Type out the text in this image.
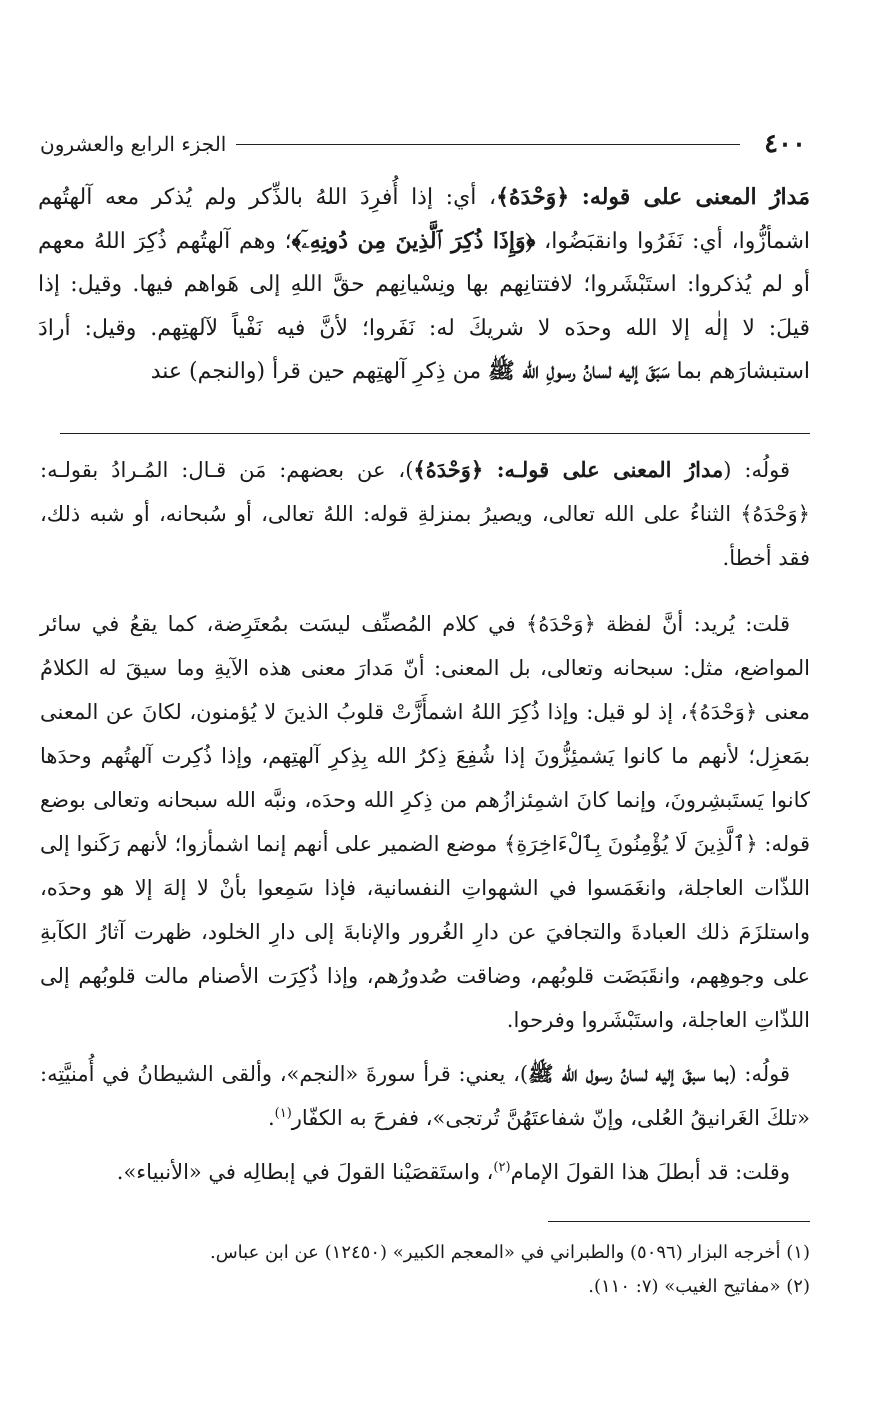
٤٠٠
الجزء الرابع والعشرون

مَدارُ المعنى على قوله: ﴿وَحْدَهُ﴾، أي: إذا أُفرِدَ اللهُ بالذِّكر ولم يُذكر معه آلهتُهم اشمأزُّوا، أي: نَفَرُوا وانقبَضُوا، ﴿وَإِذَا ذُكِرَ ٱلَّذِينَ مِن دُونِهِۦٓ﴾؛ وهم آلهتُهم ذُكِرَ اللهُ معهم أو لم يُذكروا: استَبْشَروا؛ لافتتانِهم بها ونِسْيانِهم حقَّ اللهِ إلى هَواهم فيها. وقيل: إذا قيلَ: لا إلٰه إلا الله وحدَه لا شريكَ له: نَفَروا؛ لأنَّ فيه نَفْياً لآلهتِهم. وقيل: أرادَ استبشارَهم بما سَبَقَ إليه لسانُ رسولِ الله ﷺ من ذِكرِ آلهتِهم حين قرأ (والنجم) عند

قولُه: (مدارُ المعنى على قولـه: ﴿وَحْدَهُ﴾)، عن بعضهم: مَن قـال: المُـرادُ بقولـه: ﴿وَحْدَهُ﴾ الثناءُ على الله تعالى، ويصيرُ بمنزلةِ قوله: اللهُ تعالى، أو سُبحانه، أو شبه ذلك، فقد أخطأ.

قلت: يُريد: أنَّ لفظة ﴿وَحْدَهُ﴾ في كلام المُصنِّف ليسَت بمُعتَرِضة، كما يقعُ في سائر المواضع، مثل: سبحانه وتعالى، بل المعنى: أنّ مَدارَ معنى هذه الآيةِ وما سيقَ له الكلامُ معنى ﴿وَحْدَهُ﴾، إذ لو قيل: وإذا ذُكِرَ اللهُ اشمأَزَّتْ قلوبُ الذينَ لا يُؤمنون، لكانَ عن المعنى بمَعزِل؛ لأنهم ما كانوا يَشمئِزُّونَ إذا شُفِعَ ذِكرُ الله بِذِكرِ آلهتِهم، وإذا ذُكِرت آلهتُهم وحدَها كانوا يَستَبشِرونَ، وإنما كانَ اشمِئزازُهم من ذِكرِ الله وحدَه، ونبَّه الله سبحانه وتعالى بوضع قوله: ﴿ٱلَّذِينَ لَا يُؤْمِنُونَ بِٱلْءَاخِرَةِ﴾ موضع الضمير على أنهم إنما اشمأزوا؛ لأنهم رَكَنوا إلى اللذّات العاجلة، وانغَمَسوا في الشهواتِ النفسانية، فإذا سَمِعوا بأنْ لا إلهَ إلا هو وحدَه، واستلزَمَ ذلك العبادةَ والتجافيَ عن دارِ الغُرور والإنابةَ إلى دارِ الخلود، ظهرت آثارُ الكآبةِ على وجوهِهم، وانقَبَضَت قلوبُهم، وضاقت صُدورُهم، وإذا ذُكِرَت الأصنام مالت قلوبُهم إلى اللذّاتِ العاجلة، واستَبْشَروا وفرحوا.

قولُه: (بما سبقَ إليه لسانُ رسول الله ﷺ)، يعني: قرأ سورةَ «النجم»، وألقى الشيطانُ في أُمنيَّتِه: «تلكَ الغَرانيقُ العُلى، وإنّ شفاعتَهُنَّ تُرتجى»، ففرحَ به الكفّار$^{(١)}$.

وقلت: قد أبطلَ هذا القولَ الإمام$^{(٢)}$، واستَقصَيْنا القولَ في إبطالِه في «الأنبياء».

(١) أخرجه البزار (٥٠٩٦) والطبراني في «المعجم الكبير» (١٢٤٥٠) عن ابن عباس.

(٢) «مفاتيح الغيب» (٧: ١١٠).
